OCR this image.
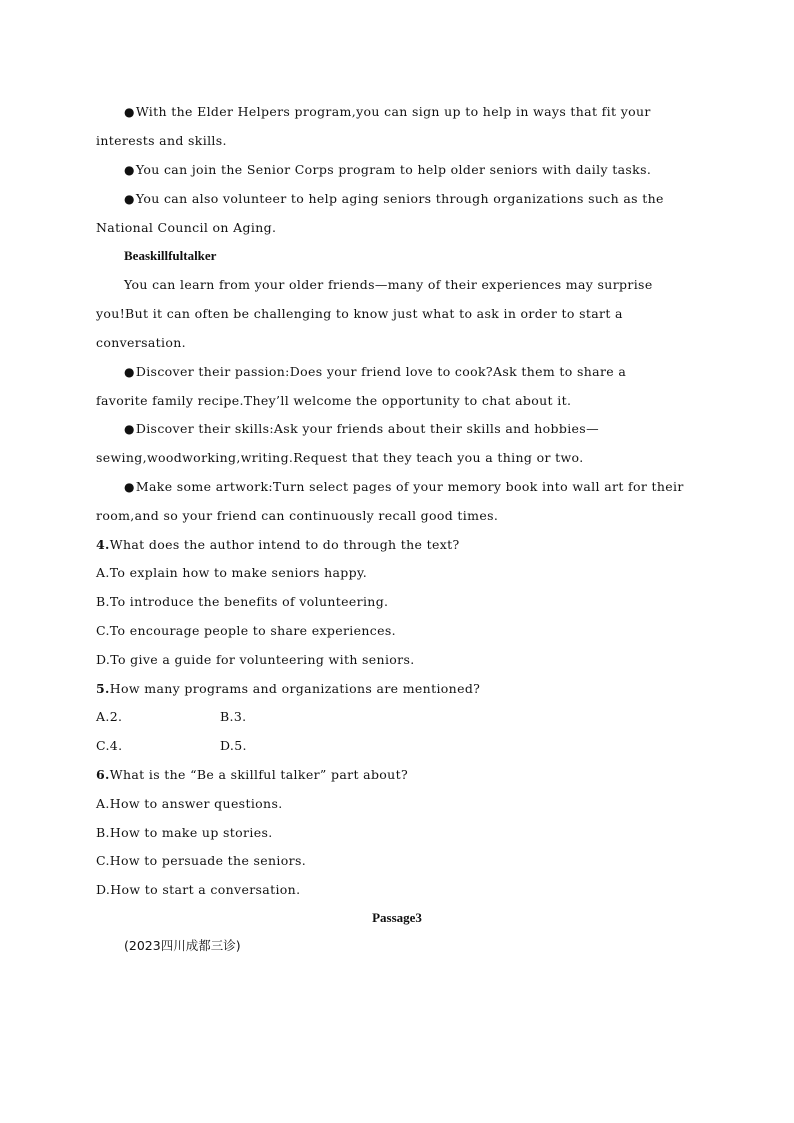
●With the Elder Helpers program,you can sign up to help in ways that fit your
interests and skills.
●You can join the Senior Corps program to help older seniors with daily tasks.
●You can also volunteer to help aging seniors through organizations such as the
National Council on Aging.
Beaskillfultalker
You can learn from your older friends—many of their experiences may surprise
you!But it can often be challenging to know just what to ask in order to start a
conversation.
●Discover their passion:Does your friend love to cook?Ask them to share a
favorite family recipe.They’ll welcome the opportunity to chat about it.
●Discover their skills:Ask your friends about their skills and hobbies—
sewing,woodworking,writing.Request that they teach you a thing or two.
●Make some artwork:Turn select pages of your memory book into wall art for their
room,and so your friend can continuously recall good times.
4.What does the author intend to do through the text?
A.To explain how to make seniors happy.
B.To introduce the benefits of volunteering.
C.To encourage people to share experiences.
D.To give a guide for volunteering with seniors.
5.How many programs and organizations are mentioned?
A.2.	B.3.
C.4.	D.5.
6.What is the “Be a skillful talker” part about?
A.How to answer questions.
B.How to make up stories.
C.How to persuade the seniors.
D.How to start a conversation.
Passage3
(2023四川成都三诊)
